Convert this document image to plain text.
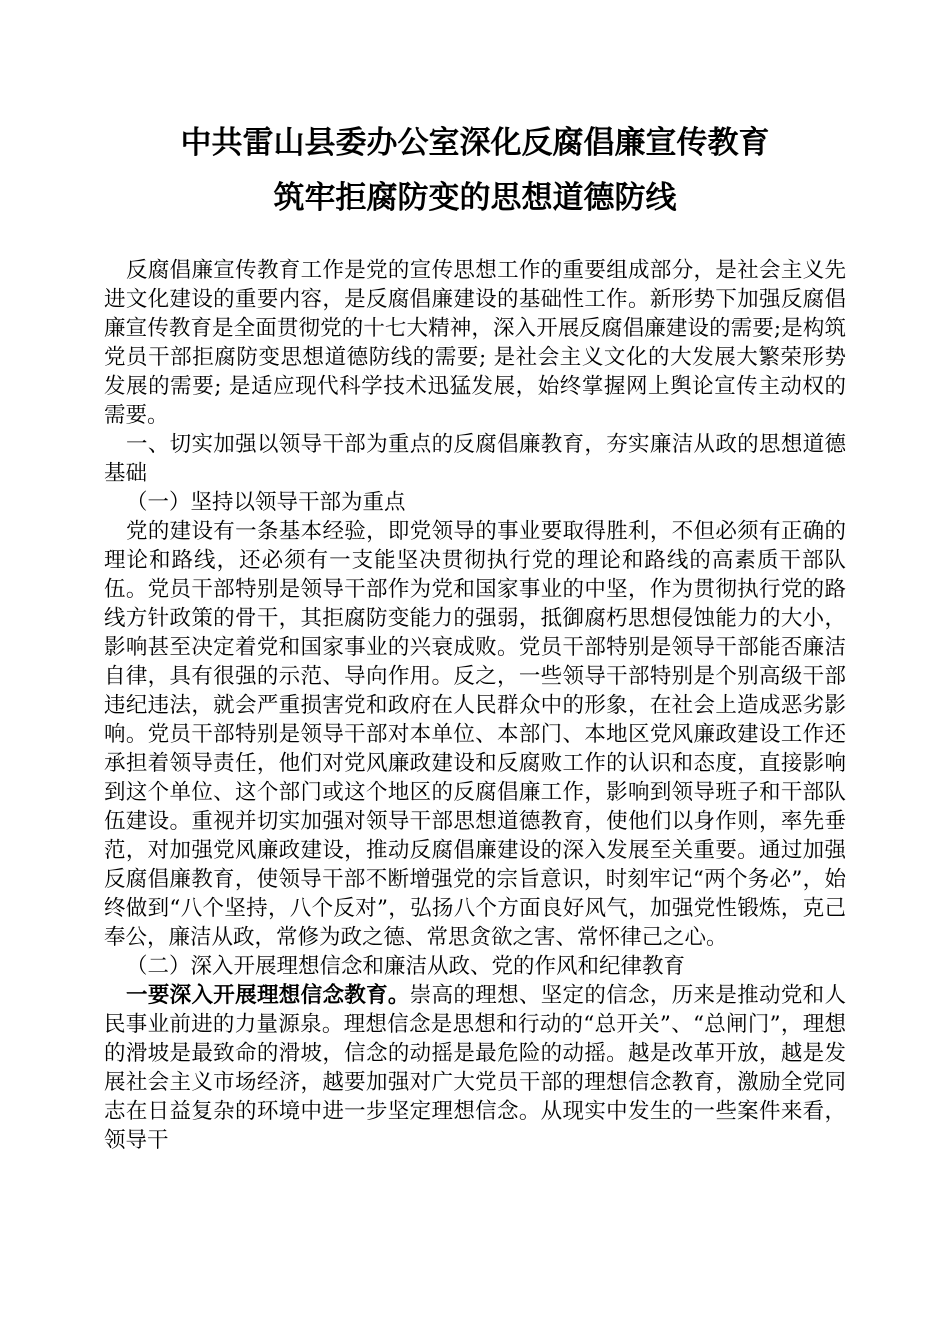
中共雷山县委办公室深化反腐倡廉宣传教育
筑牢拒腐防变的思想道德防线

反腐倡廉宣传教育工作是党的宣传思想工作的重要组成部分，是社会主义先进文化建设的重要内容，是反腐倡廉建设的基础性工作。新形势下加强反腐倡廉宣传教育是全面贯彻党的十七大精神，深入开展反腐倡廉建设的需要;是构筑党员干部拒腐防变思想道德防线的需要; 是社会主义文化的大发展大繁荣形势发展的需要; 是适应现代科学技术迅猛发展，始终掌握网上舆论宣传主动权的需要。

一、切实加强以领导干部为重点的反腐倡廉教育，夯实廉洁从政的思想道德基础

（一）坚持以领导干部为重点

党的建设有一条基本经验，即党领导的事业要取得胜利，不但必须有正确的理论和路线，还必须有一支能坚决贯彻执行党的理论和路线的高素质干部队伍。党员干部特别是领导干部作为党和国家事业的中坚，作为贯彻执行党的路线方针政策的骨干，其拒腐防变能力的强弱，抵御腐朽思想侵蚀能力的大小，影响甚至决定着党和国家事业的兴衰成败。党员干部特别是领导干部能否廉洁自律，具有很强的示范、导向作用。反之，一些领导干部特别是个别高级干部违纪违法，就会严重损害党和政府在人民群众中的形象，在社会上造成恶劣影响。党员干部特别是领导干部对本单位、本部门、本地区党风廉政建设工作还承担着领导责任，他们对党风廉政建设和反腐败工作的认识和态度，直接影响到这个单位、这个部门或这个地区的反腐倡廉工作，影响到领导班子和干部队伍建设。重视并切实加强对领导干部思想道德教育，使他们以身作则，率先垂范，对加强党风廉政建设，推动反腐倡廉建设的深入发展至关重要。通过加强反腐倡廉教育，使领导干部不断增强党的宗旨意识，时刻牢记“两个务必”，始终做到“八个坚持，八个反对”，弘扬八个方面良好风气，加强党性锻炼，克己奉公，廉洁从政，常修为政之德、常思贪欲之害、常怀律己之心。

（二）深入开展理想信念和廉洁从政、党的作风和纪律教育

一要深入开展理想信念教育。崇高的理想、坚定的信念，历来是推动党和人民事业前进的力量源泉。理想信念是思想和行动的“总开关”、“总闸门”，理想的滑坡是最致命的滑坡，信念的动摇是最危险的动摇。越是改革开放，越是发展社会主义市场经济，越要加强对广大党员干部的理想信念教育，激励全党同志在日益复杂的环境中进一步坚定理想信念。从现实中发生的一些案件来看，领导干
